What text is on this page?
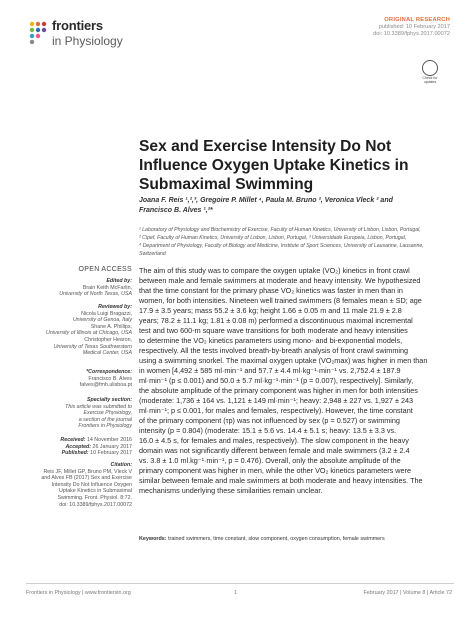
frontiers
in Physiology
ORIGINAL RESEARCH
published: 10 February 2017
doi: 10.3389/fphys.2017.00072
Check for updates
Sex and Exercise Intensity Do Not Influence Oxygen Uptake Kinetics in Submaximal Swimming
Joana F. Reis ¹,²,³, Gregoire P. Millet ⁴, Paula M. Bruno ², Veronica Vleck ² and
Francisco B. Alves ¹,²*
¹ Laboratory of Physiology and Biochemistry of Exercise, Faculty of Human Kinetics, University of Lisbon, Lisbon, Portugal,
² Cipef, Faculty of Human Kinetics, University of Lisbon, Lisbon, Portugal, ³ Universidade Europeia, Lisbon, Portugal,
⁴ Department of Physiology, Faculty of Biology and Medicine, Institute of Sport Sciences, University of Lausanne, Lausanne,
Switzerland
OPEN ACCESS
Edited by:
Brain Keith McFarlin,
University of North Texas, USA
Reviewed by:
Nicola Luigi Bragazzi,
University of Genoa, Italy
Shane A. Phillips,
University of Illinois at Chicago, USA
Christopher Hearon,
University of Texas Southwestern
Medical Center, USA
*Correspondence:
Francisco B. Alves
falves@fmh.ulisboa.pt
Specialty section:
This article was submitted to
Exercise Physiology,
a section of the journal
Frontiers in Physiology
Received: 14 November 2016
Accepted: 26 January 2017
Published: 10 February 2017
Citation:
Reis JF, Millet GP, Bruno PM, Vleck V
and Alves FB (2017) Sex and Exercise
Intensity Do Not Influence Oxygen
Uptake Kinetics in Submaximal
Swimming. Front. Physiol. 8:72.
doi: 10.3389/fphys.2017.00072
The aim of this study was to compare the oxygen uptake (VO₂) kinetics in front crawl
between male and female swimmers at moderate and heavy intensity. We hypothesized
that the time constant for the primary phase VO₂ kinetics was faster in men than in
women, for both intensities. Nineteen well trained swimmers (8 females mean ± SD; age
17.9 ± 3.5 years; mass 55.2 ± 3.6 kg; height 1.66 ± 0.05 m and 11 male 21.9 ± 2.8
years; 78.2 ± 11.1 kg; 1.81 ± 0.08 m) performed a discontinuous maximal incremental
test and two 600-m square wave transitions for both moderate and heavy intensities
to determine the VO₂ kinetics parameters using mono- and bi-exponential models,
respectively. All the tests involved breath-by-breath analysis of front crawl swimming
using a swimming snorkel. The maximal oxygen uptake (VO₂max) was higher in men than
in women [4,492 ± 585 ml·min⁻¹ and 57.7 ± 4.4 ml·kg⁻¹·min⁻¹ vs. 2,752.4 ± 187.9
ml·min⁻¹ (p ≤ 0.001) and 50.0 ± 5.7 ml·kg⁻¹·min⁻¹ (p = 0.007), respectively]. Similarly,
the absolute amplitude of the primary component was higher in men for both intensities
(moderate: 1,736 ± 164 vs. 1,121 ± 149 ml·min⁻¹; heavy: 2,948 ± 227 vs. 1,927 ± 243
ml·min⁻¹; p ≤ 0.001, for males and females, respectively). However, the time constant
of the primary component (τp) was not influenced by sex (p = 0.527) or swimming
intensity (p = 0.804) (moderate: 15.1 ± 5.6 vs. 14.4 ± 5.1 s; heavy: 13.5 ± 3.3 vs.
16.0 ± 4.5 s, for females and males, respectively). The slow component in the heavy
domain was not significantly different between female and male swimmers (3.2 ± 2.4
vs. 3.8 ± 1.0 ml.kg⁻¹·min⁻¹, p = 0.476). Overall, only the absolute amplitude of the
primary component was higher in men, while the other VO₂ kinetics parameters were
similar between female and male swimmers at both moderate and heavy intensities. The
mechanisms underlying these similarities remain unclear.
Keywords: trained swimmers, time constant, slow component, oxygen consumption, female swimmers
Frontiers in Physiology | www.frontiersin.org	1	February 2017 | Volume 8 | Article 72
